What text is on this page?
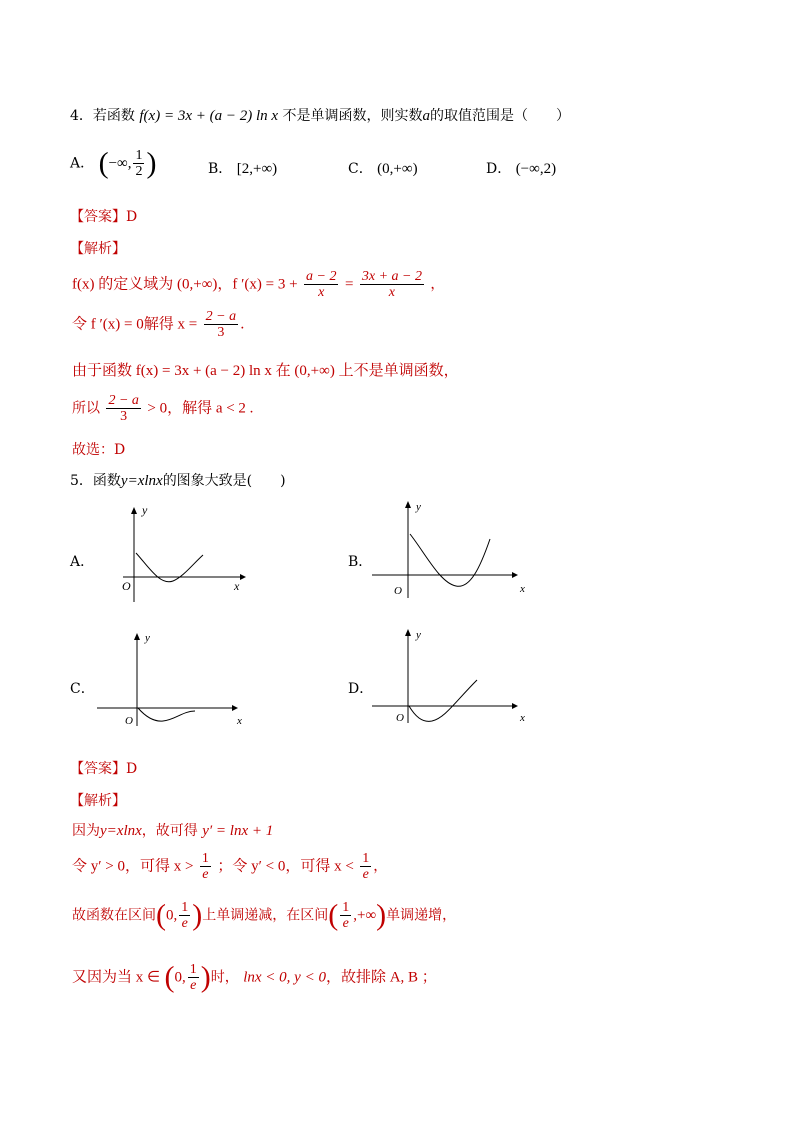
4．若函数 f(x) = 3x + (a − 2) ln x 不是单调函数，则实数a的取值范围是（　　）
A． (−∞, $\frac{1}{2}$ )	B． [2,+∞)	C． (0,+∞)	D． (−∞,2)
【答案】D
【解析】
f(x) 的定义域为 (0,+∞)，f $'(x) = 3 + \frac{a - 2}{x} = \frac{3x + a - 2}{x}$ ，
令 f ′(x) = 0解得 $x = \frac{2 - a}{3}$ .
由于函数 f(x) = 3x + (a − 2) ln x 在 (0,+∞) 上不是单调函数，
所以 $\frac{2 - a}{3} > 0$，解得 a < 2 .
故选：D
5．函数y=xlnx的图象大致是(　　)
A．
y
x
O
B．
y
x
O
C．
y
x
O
D．
y
x
O
【答案】D
【解析】
因为y=xlnx，故可得 y′ = lnx + 1
令 y′ > 0，可得 $x > \frac{1}{e}$ ；令 y′ < 0，可得 $x < \frac{1}{e}$ ，
故函数在区间(0, $\frac{1}{e}$ )上单调递减，在区间( $\frac{1}{e}$ ,+∞)单调递增，
又因为当 x ∈ (0, $\frac{1}{e}$ )时， lnx < 0, y < 0，故排除 A, B ；
